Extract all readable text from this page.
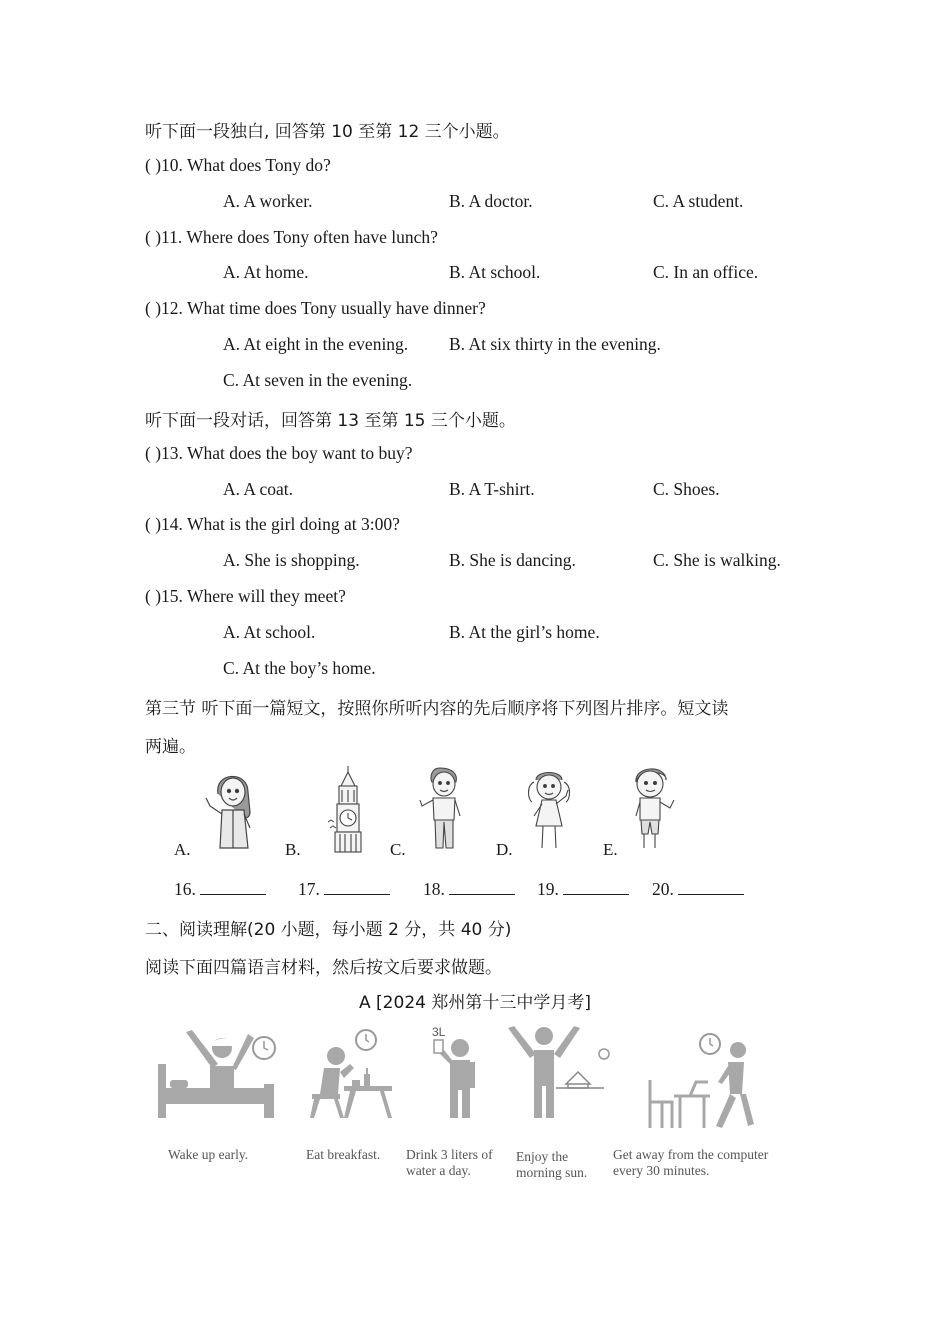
听下面一段独白, 回答第 10 至第 12 三个小题。
( )10. What does Tony do?
A. A worker.	B. A doctor.	C. A student.
( )11. Where does Tony often have lunch?
A. At home.	B. At school.	C. In an office.
( )12. What time does Tony usually have dinner?
A. At eight in the evening. B. At six thirty in the evening.
C. At seven in the evening.
听下面一段对话，回答第 13 至第 15 三个小题。
( )13. What does the boy want to buy?
A. A coat.	B. A T-shirt.	C. Shoes.
( )14. What is the girl doing at 3:00?
A. She is shopping.	B. She is dancing.	C. She is walking.
( )15. Where will they meet?
A. At school.	B. At the girl’s home.
C. At the boy’s home.
第三节 听下面一篇短文，按照你所听内容的先后顺序将下列图片排序。短文读
两遍。
A.	B.	C.	D.	E.
16.	17.	18.	19.	20.
二、阅读理解(20 小题，每小题 2 分，共 40 分)
阅读下面四篇语言材料，然后按文后要求做题。
A [2024 郑州第十三中学月考]
3L
Wake up early.	Eat breakfast. Drink 3 liters of
water a day.
Enjoy the
morning sun.
Get away from the computer
every 30 minutes.
